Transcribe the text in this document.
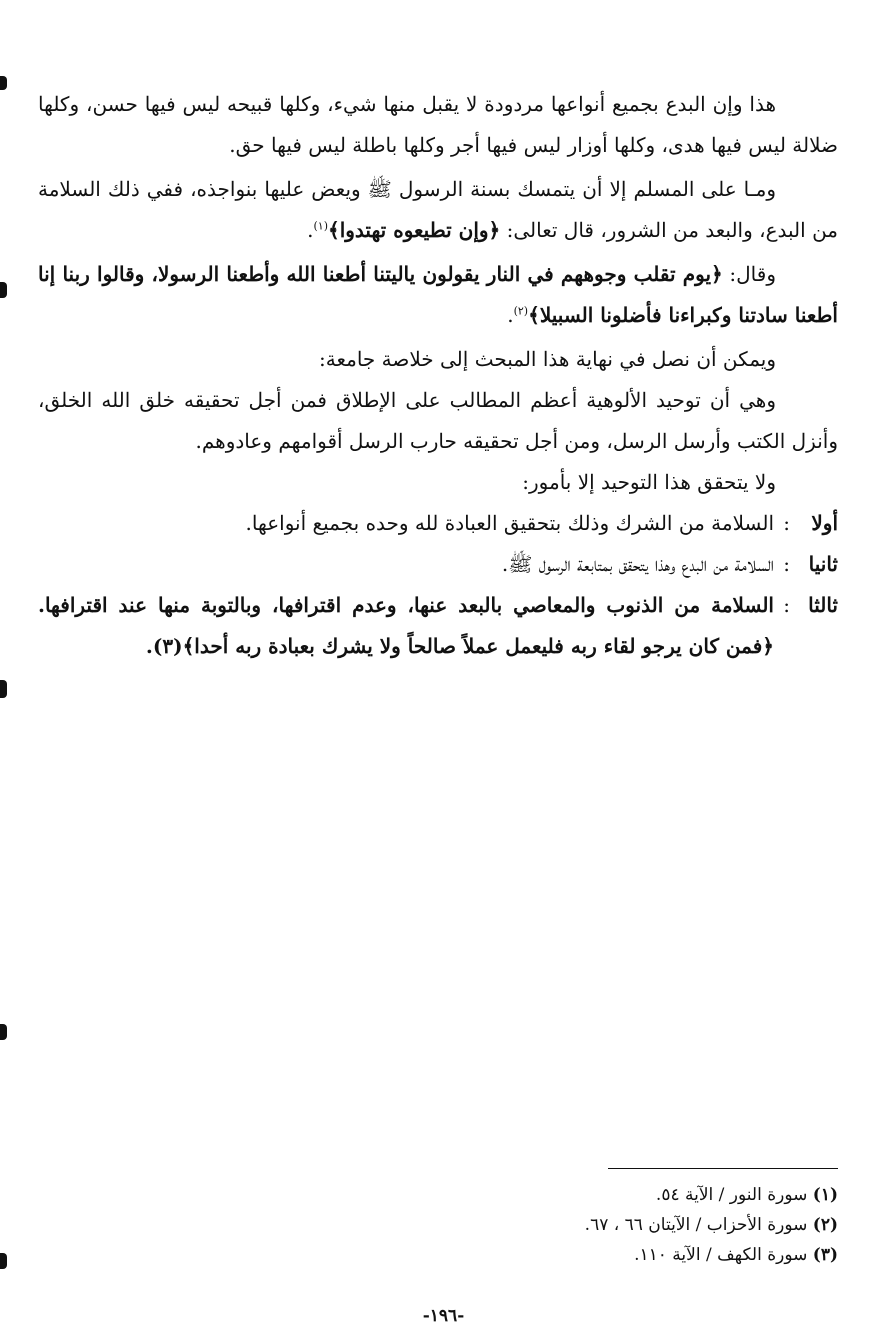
هذا وإن البدع بجميع أنواعها مردودة لا يقبل منها شيء، وكلها قبيحه ليس فيها حسن، وكلها ضلالة ليس فيها هدى، وكلها أوزار ليس فيها أجر وكلها باطلة ليس فيها حق.

ومـا على المسلم إلا أن يتمسك بسنة الرسول ﷺ ويعض عليها بنواجذه، ففي ذلك السلامة من البدع، والبعد من الشرور، قال تعالى: ﴿وإن تطيعوه تهتدوا﴾$^{(١)}$.

وقال: ﴿يوم تقلب وجوههم في النار يقولون ياليتنا أطعنا الله وأطعنا الرسولا، وقالوا ربنا إنا أطعنا سادتنا وكبراءنا فأضلونا السبيلا﴾$^{(٢)}$.

ويمكن أن نصل في نهاية هذا المبحث إلى خلاصة جامعة:

وهي أن توحيد الألوهية أعظم المطالب على الإطلاق فمن أجل تحقيقه خلق الله الخلق، وأنزل الكتب وأرسل الرسل، ومن أجل تحقيقه حارب الرسل أقوامهم وعادوهم.

ولا يتحقق هذا التوحيد إلا بأمور:

أولا
:
السلامة من الشرك وذلك بتحقيق العبادة لله وحده بجميع أنواعها.
ثانيا
:
السلامة من البدع وهذا يتحقق بمتابعة الرسول ﷺ.
ثالثا
:
السلامة من الذنوب والمعاصي بالبعد عنها، وعدم اقترافها، وبالتوبة منها عند اقترافها. ﴿فمن كان يرجو لقاء ربه فليعمل عملاً صالحاً ولا يشرك بعبادة ربه أحدا﴾(٣).
(١) سورة النور / الآية ٥٤.
(٢) سورة الأحزاب / الآيتان ٦٦ ، ٦٧.
(٣) سورة الكهف / الآية ١١٠.
-١٩٦-
